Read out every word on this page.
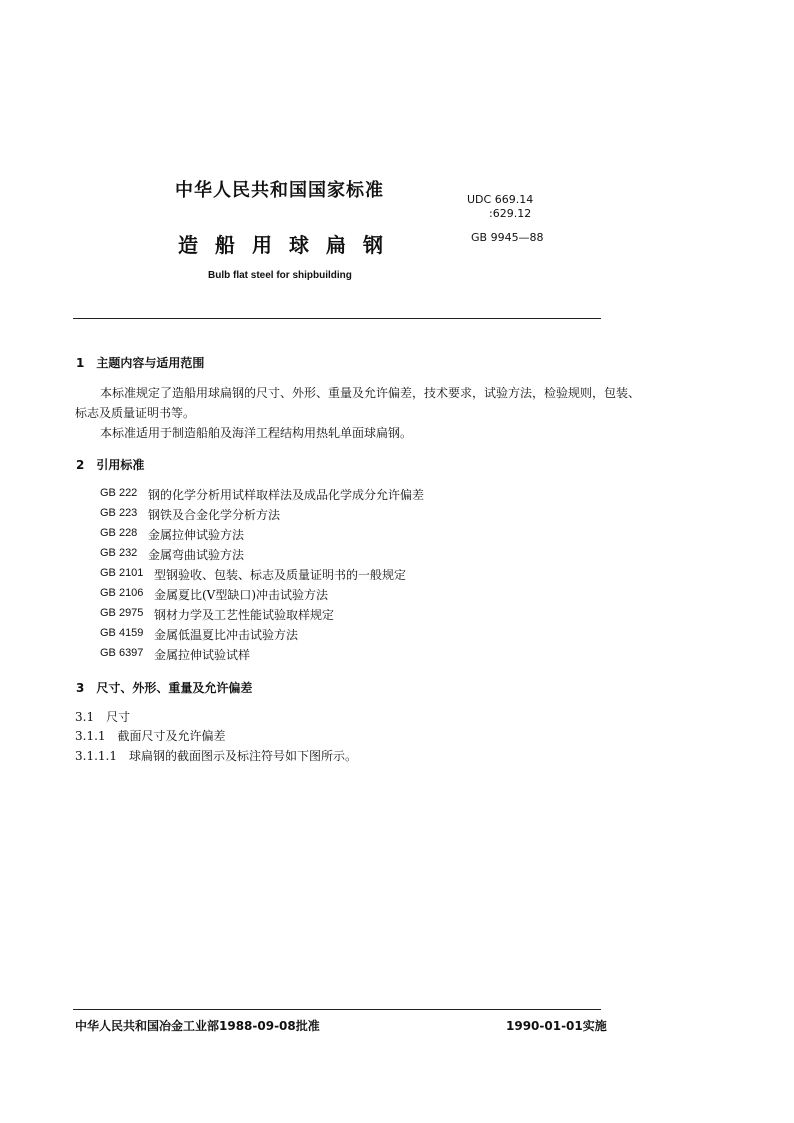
中华人民共和国国家标准	UDC 669.14
:629.12
造船用球扁钢	GB 9945—88
Bulb flat steel for shipbuilding
1　主题内容与适用范围
本标准规定了造船用球扁钢的尺寸、外形、重量及允许偏差，技术要求，试验方法，检验规则，包装、
标志及质量证明书等。
本标准适用于制造船舶及海洋工程结构用热轧单面球扁钢。
2　引用标准
GB 222 钢的化学分析用试样取样法及成品化学成分允许偏差
GB 223 钢铁及合金化学分析方法
GB 228 金属拉伸试验方法
GB 232 金属弯曲试验方法
GB 2101 型钢验收、包装、标志及质量证明书的一般规定
GB 2106 金属夏比(V型缺口)冲击试验方法
GB 2975 钢材力学及工艺性能试验取样规定
GB 4159 金属低温夏比冲击试验方法
GB 6397 金属拉伸试验试样
3　尺寸、外形、重量及允许偏差
3.1　尺寸
3.1.1　截面尺寸及允许偏差
3.1.1.1　球扁钢的截面图示及标注符号如下图所示。
中华人民共和国冶金工业部1988-09-08批准	1990-01-01实施
